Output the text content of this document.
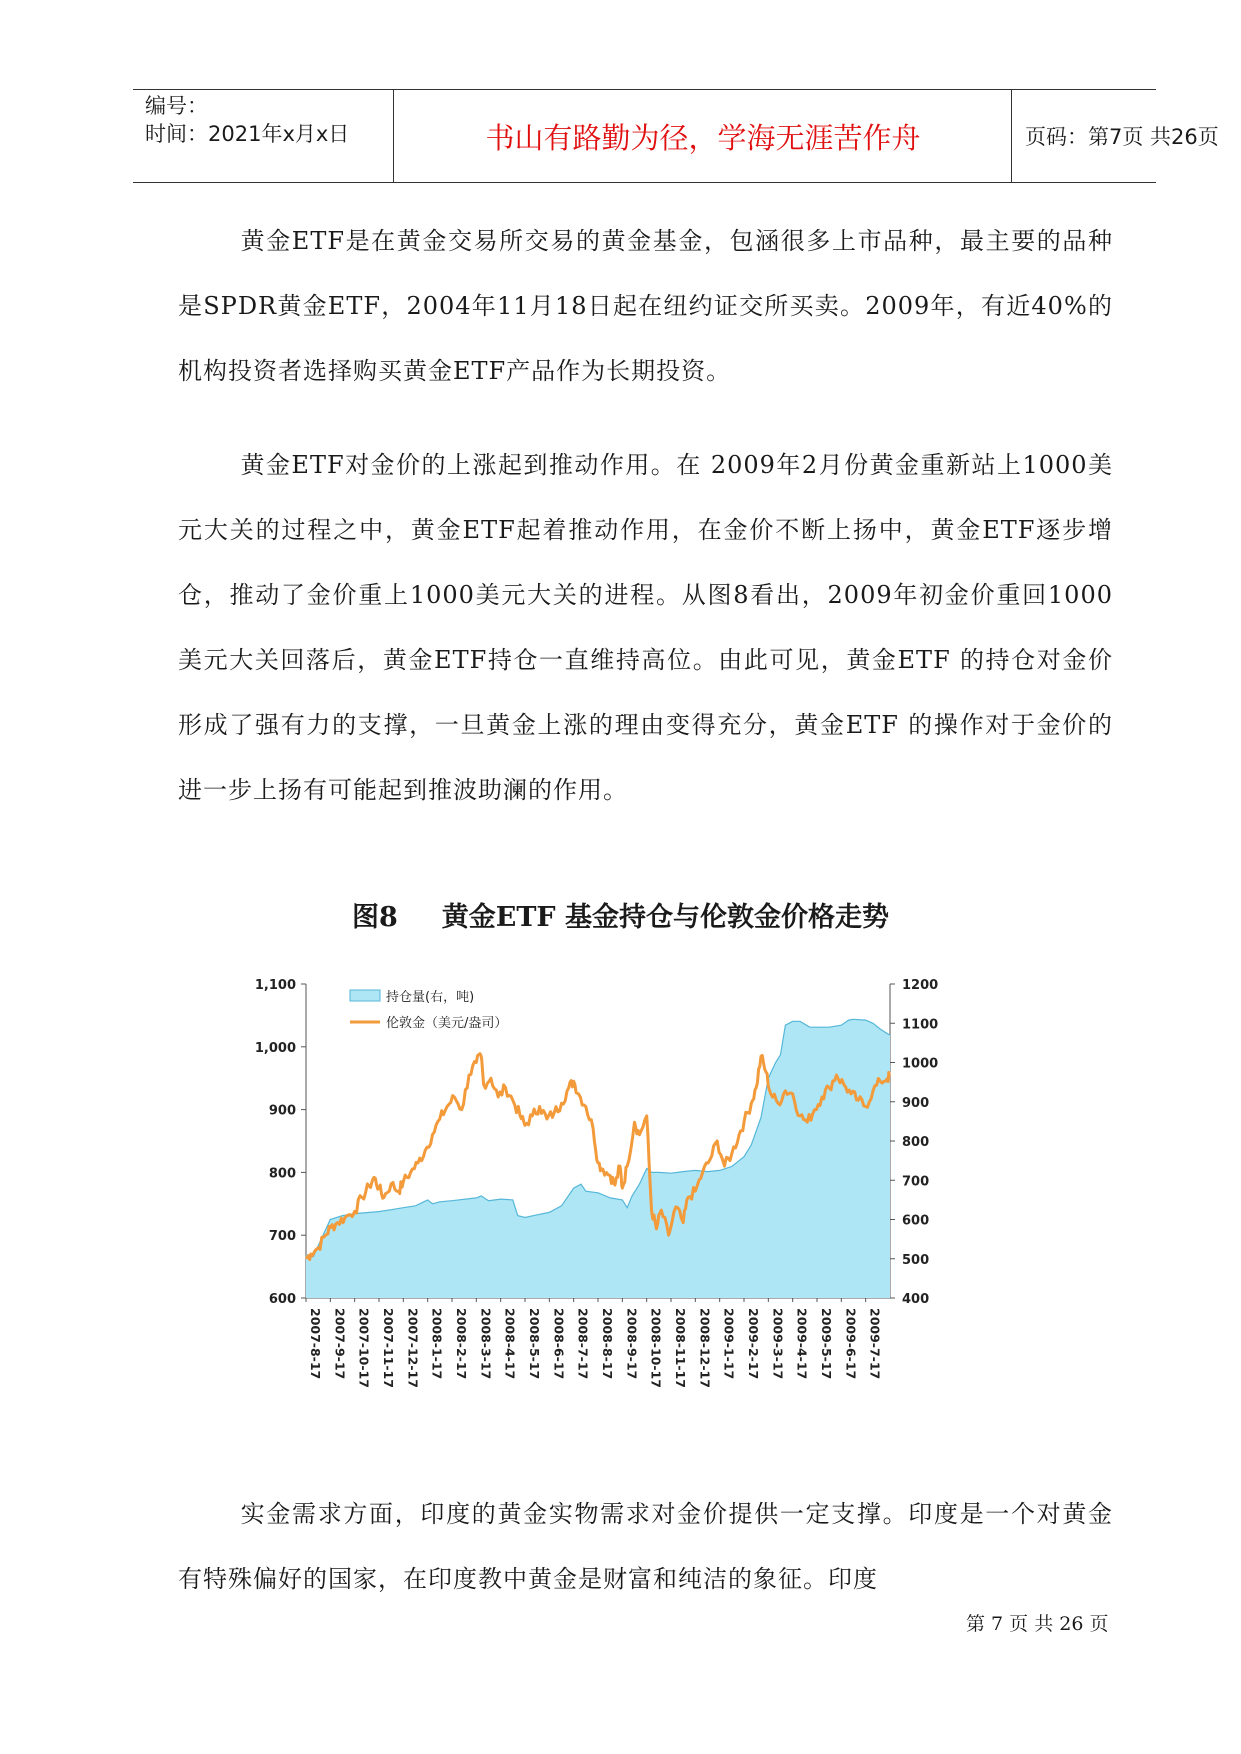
编号：
时间：2021年x月x日	书山有路勤为径，学海无涯苦作舟	页码：第7页 共26页

黄金ETF是在黄金交易所交易的黄金基金，包涵很多上市品种，最主要的品种是SPDR黄金ETF，2004年11月18日起在纽约证交所买卖。2009年，有近40%的机构投资者选择购买黄金ETF产品作为长期投资。

黄金ETF对金价的上涨起到推动作用。在 2009年2月份黄金重新站上1000美元大关的过程之中，黄金ETF起着推动作用，在金价不断上扬中，黄金ETF逐步增仓，推动了金价重上1000美元大关的进程。从图8看出，2009年初金价重回1000美元大关回落后，黄金ETF持仓一直维持高位。由此可见，黄金ETF 的持仓对金价形成了强有力的支撑，一旦黄金上涨的理由变得充分，黄金ETF 的操作对于金价的进一步上扬有可能起到推波助澜的作用。

图8 黄金ETF 基金持仓与伦敦金价格走势
1,100
1,000
900
800
700
600
1200
1100
1000
900
800
700
600
500
400
2007-8-17 2007-9-17 2007-10-17 2007-11-17 2007-12-17 2008-1-17 2008-2-17 2008-3-17 2008-4-17 2008-5-17 2008-6-17 2008-7-17 2008-8-17 2008-9-17 2008-10-17 2008-11-17 2008-12-17 2009-1-17 2009-2-17 2009-3-17 2009-4-17 2009-5-17 2009-6-17 2009-7-17
持仓量(右，吨)
伦敦金（美元/盎司）

实金需求方面，印度的黄金实物需求对金价提供一定支撑。印度是一个对黄金有特殊偏好的国家，在印度教中黄金是财富和纯洁的象征。印度

第 7 页 共 26 页
